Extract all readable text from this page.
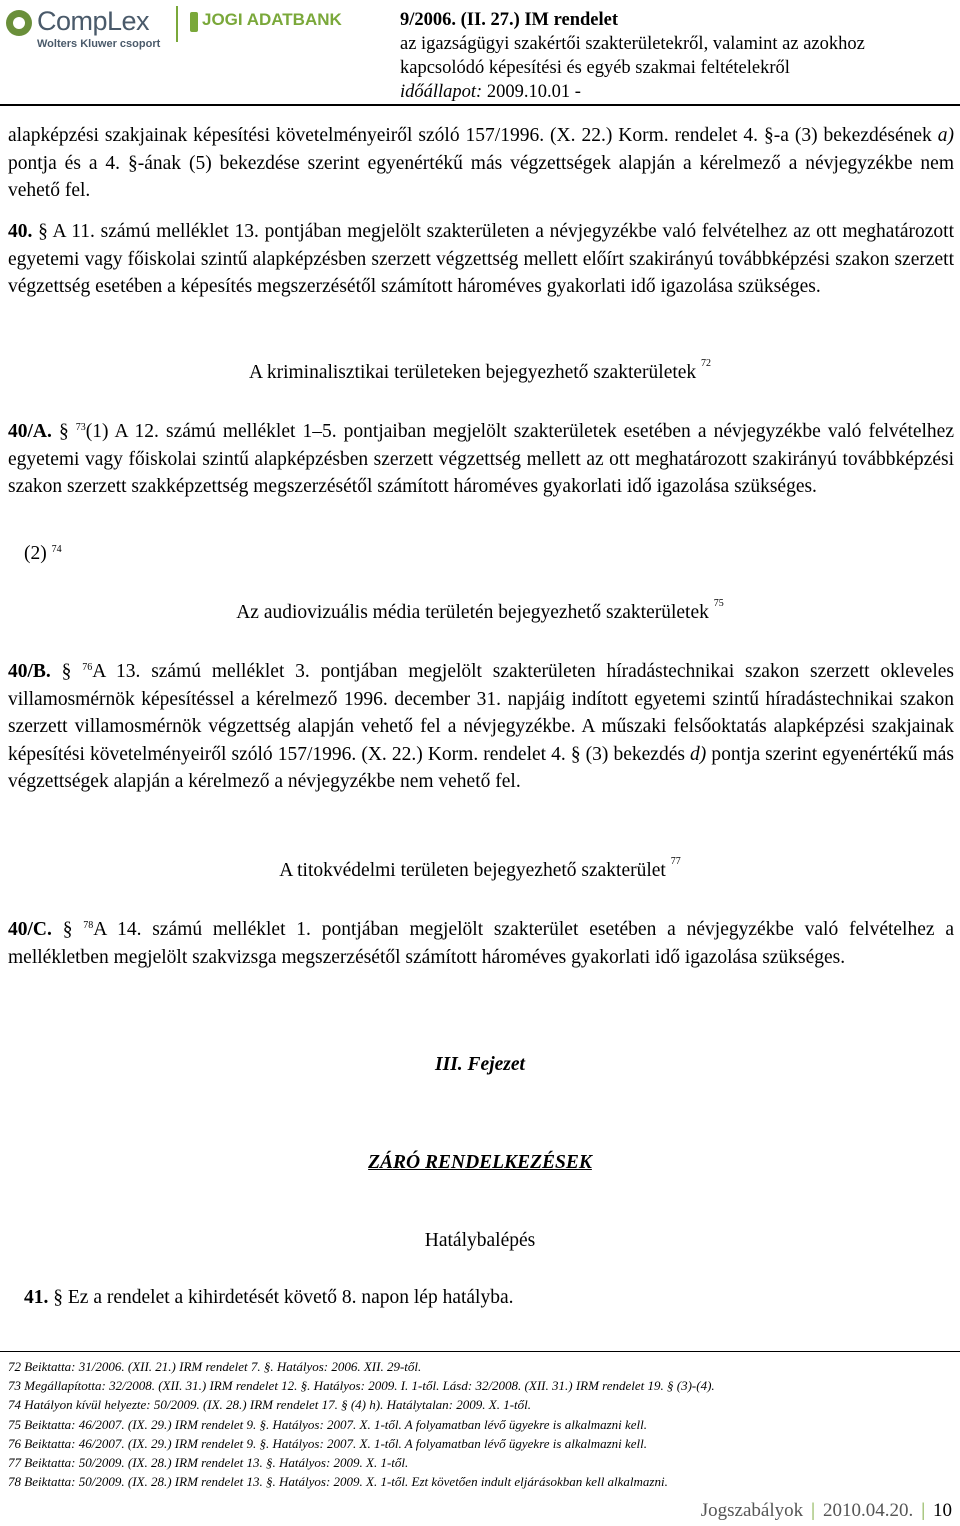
CompLex
Wolters Kluwer csoport
JOGI ADATBANK	9/2006. (II. 27.) IM rendelet
az igazságügyi szakértői szakterületekről, valamint az azokhoz
kapcsolódó képesítési és egyéb szakmai feltételekről
időállapot: 2009.10.01 -

alapképzési szakjainak képesítési követelményeiről szóló 157/1996. (X. 22.) Korm. rendelet 4. §-a (3) bekezdésének a) pontja és a 4. §-ának (5) bekezdése szerint egyenértékű más végzettségek alapján a kérelmező a névjegyzékbe nem vehető fel.

40. § A 11. számú melléklet 13. pontjában megjelölt szakterületen a névjegyzékbe való felvételhez az ott meghatározott egyetemi vagy főiskolai szintű alapképzésben szerzett végzettség mellett előírt szakirányú továbbképzési szakon szerzett végzettség esetében a képesítés megszerzésétől számított hároméves gyakorlati idő igazolása szükséges.

A kriminalisztikai területeken bejegyezhető szakterületek $^{72}$

40/A. § $^{73}$(1) A 12. számú melléklet 1–5. pontjaiban megjelölt szakterületek esetében a névjegyzékbe való felvételhez egyetemi vagy főiskolai szintű alapképzésben szerzett végzettség mellett az ott meghatározott szakirányú továbbképzési szakon szerzett szakképzettség megszerzésétől számított hároméves gyakorlati idő igazolása szükséges.

(2) $^{74}$

Az audiovizuális média területén bejegyezhető szakterületek $^{75}$

40/B. § $^{76}$A 13. számú melléklet 3. pontjában megjelölt szakterületen híradástechnikai szakon szerzett okleveles villamosmérnök képesítéssel a kérelmező 1996. december 31. napjáig indított egyetemi szintű híradástechnikai szakon szerzett villamosmérnök végzettség alapján vehető fel a névjegyzékbe. A műszaki felsőoktatás alapképzési szakjainak képesítési követelményeiről szóló 157/1996. (X. 22.) Korm. rendelet 4. § (3) bekezdés d) pontja szerint egyenértékű más végzettségek alapján a kérelmező a névjegyzékbe nem vehető fel.

A titokvédelmi területen bejegyezhető szakterület $^{77}$

40/C. § $^{78}$A 14. számú melléklet 1. pontjában megjelölt szakterület esetében a névjegyzékbe való felvételhez a mellékletben megjelölt szakvizsga megszerzésétől számított hároméves gyakorlati idő igazolása szükséges.

III. Fejezet
ZÁRÓ RENDELKEZÉSEK
Hatálybalépés

41. § Ez a rendelet a kihirdetését követő 8. napon lép hatályba.

72 Beiktatta: 31/2006. (XII. 21.) IRM rendelet 7. §. Hatályos: 2006. XII. 29-től.
73 Megállapította: 32/2008. (XII. 31.) IRM rendelet 12. §. Hatályos: 2009. I. 1-től. Lásd: 32/2008. (XII. 31.) IRM rendelet 19. § (3)-(4).
74 Hatályon kívül helyezte: 50/2009. (IX. 28.) IRM rendelet 17. § (4) h). Hatálytalan: 2009. X. 1-től.
75 Beiktatta: 46/2007. (IX. 29.) IRM rendelet 9. §. Hatályos: 2007. X. 1-től. A folyamatban lévő ügyekre is alkalmazni kell.
76 Beiktatta: 46/2007. (IX. 29.) IRM rendelet 9. §. Hatályos: 2007. X. 1-től. A folyamatban lévő ügyekre is alkalmazni kell.
77 Beiktatta: 50/2009. (IX. 28.) IRM rendelet 13. §. Hatályos: 2009. X. 1-től.
78 Beiktatta: 50/2009. (IX. 28.) IRM rendelet 13. §. Hatályos: 2009. X. 1-től. Ezt követően indult eljárásokban kell alkalmazni.
Jogszabályok | 2010.04.20. | 10
